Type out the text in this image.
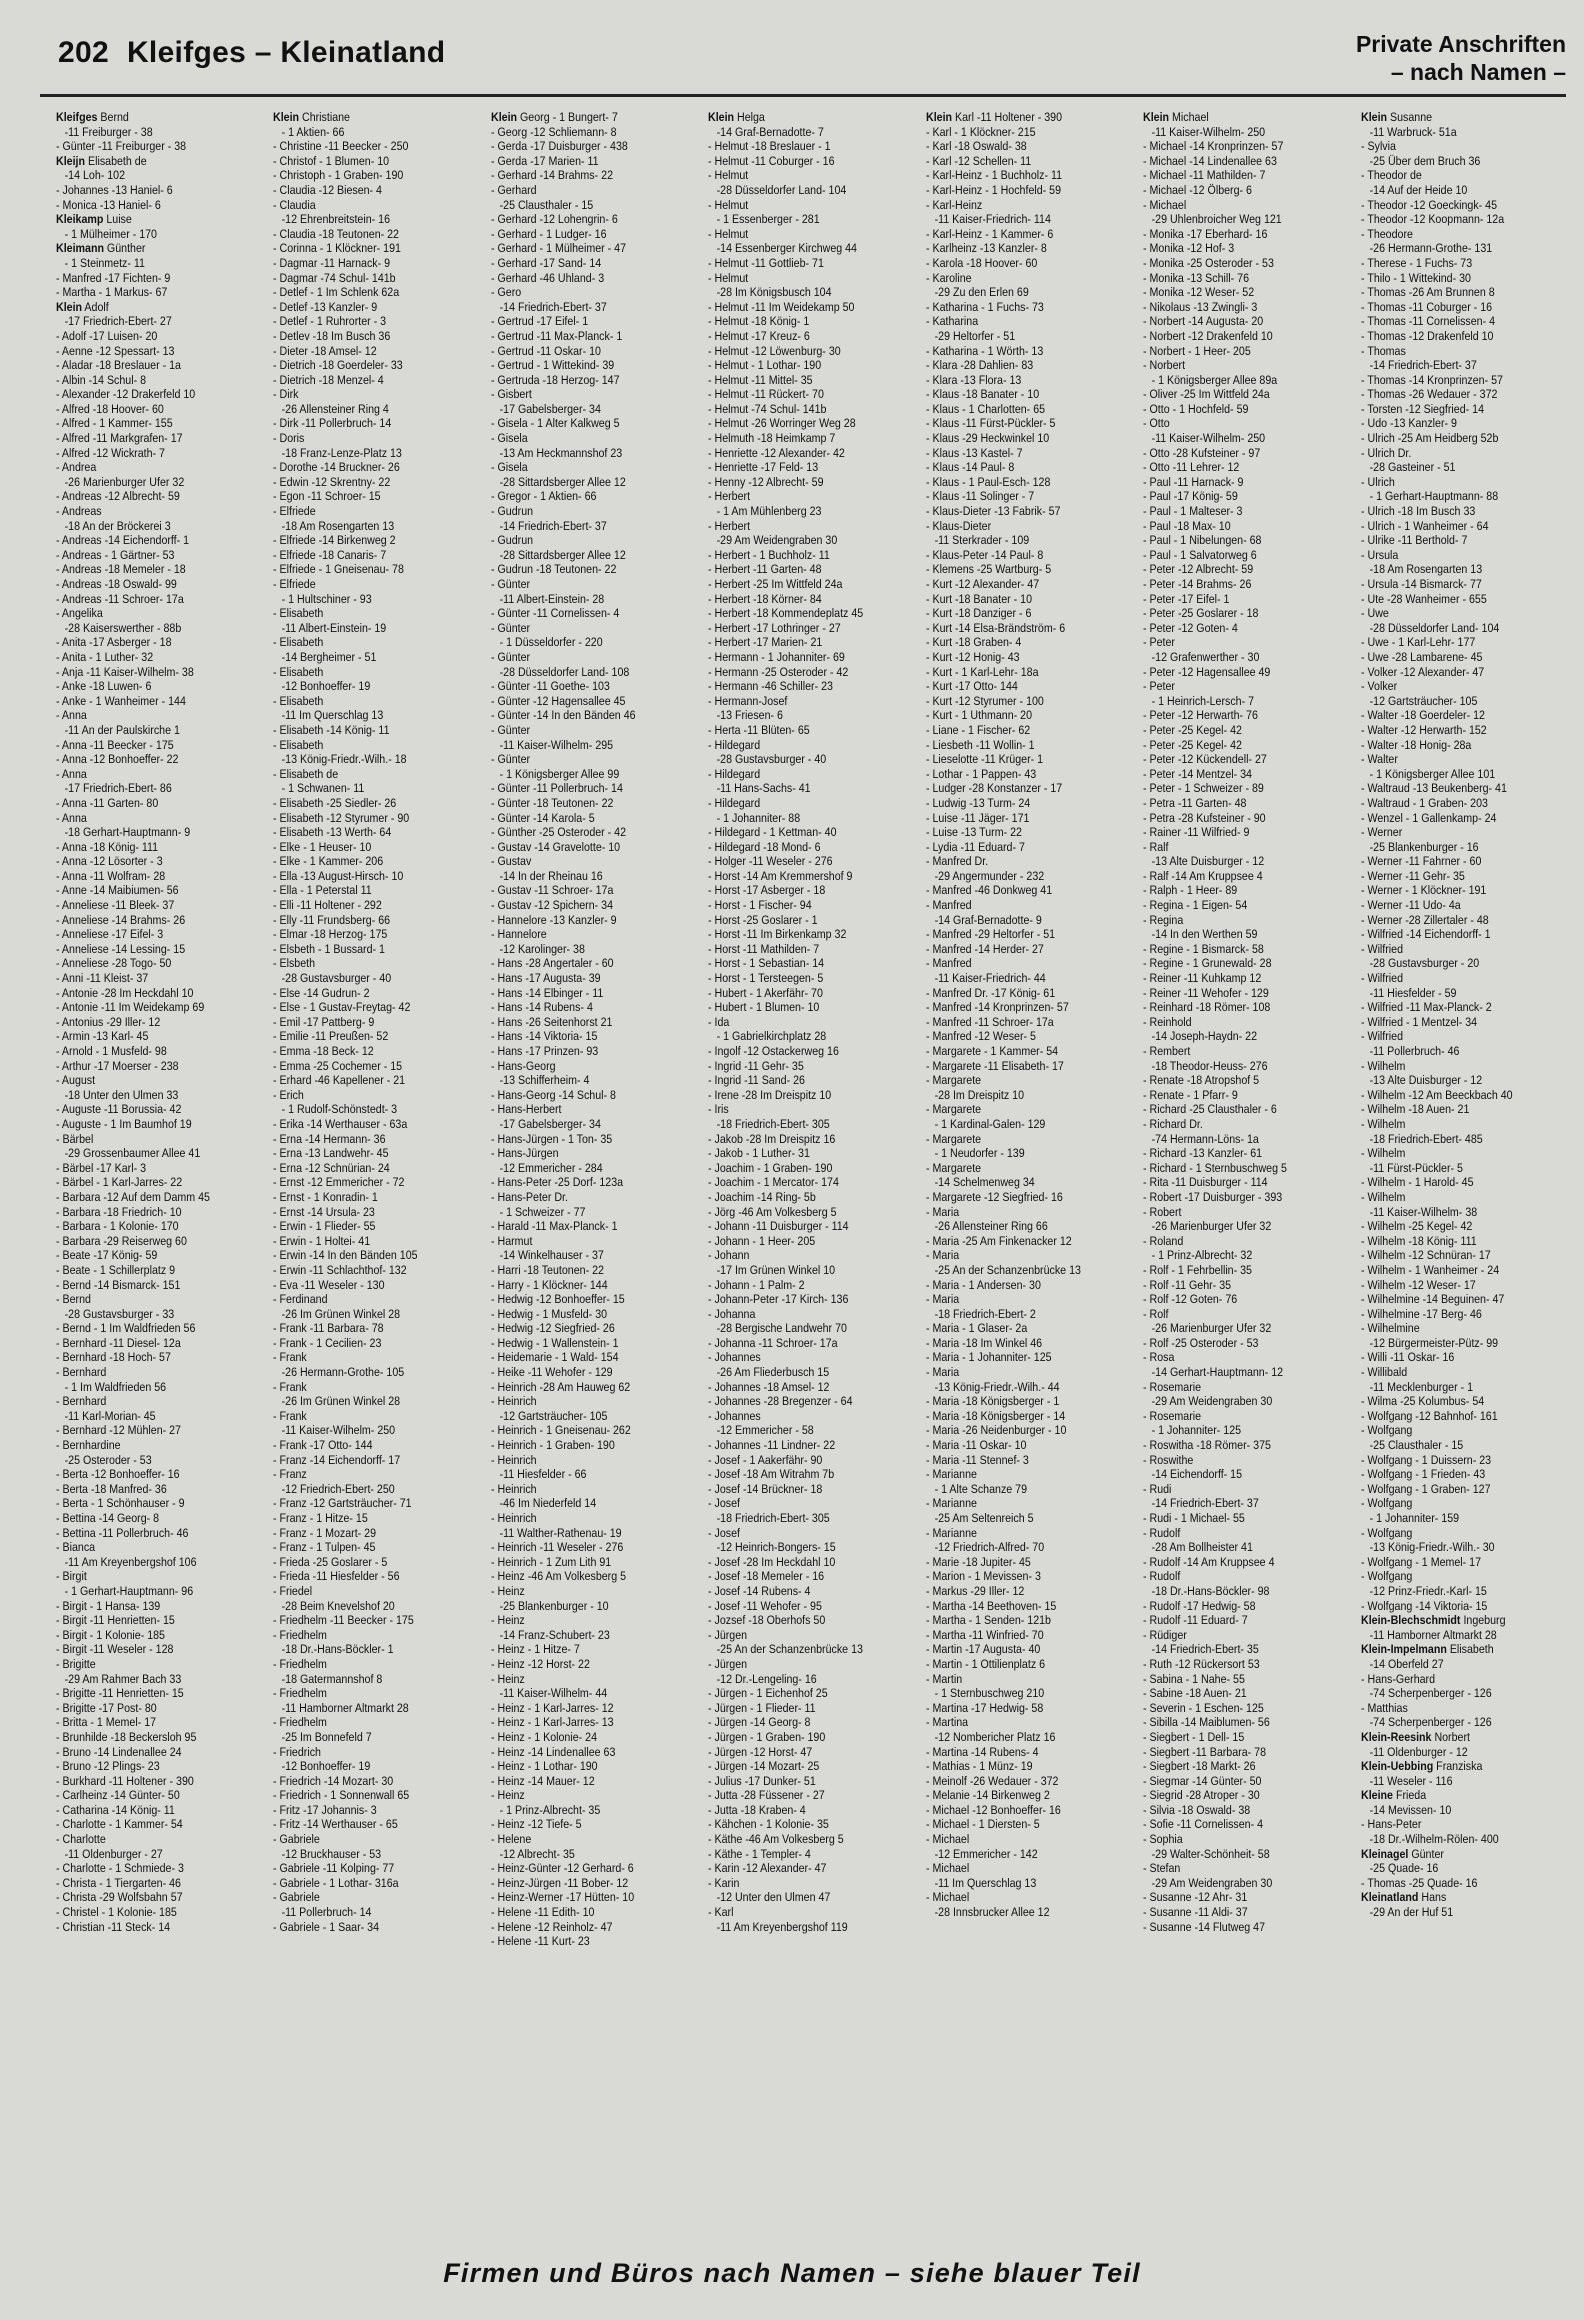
202 Kleifges – Kleinatland	Private Anschriften
– nach Namen –
Kleifges Bernd
-11 Freiburger - 38
- Günter -11 Freiburger - 38
Kleijn Elisabeth de
-14 Loh- 102
- Johannes -13 Haniel- 6
- Monica -13 Haniel- 6
Kleikamp Luise
- 1 Mülheimer - 170
Kleimann Günther
- 1 Steinmetz- 11
- Manfred -17 Fichten- 9
- Martha - 1 Markus- 67
Klein Adolf
-17 Friedrich-Ebert- 27
- Adolf -17 Luisen- 20
- Aenne -12 Spessart- 13
- Aladar -18 Breslauer - 1a
- Albin -14 Schul- 8
- Alexander -12 Drakerfeld 10
- Alfred -18 Hoover- 60
- Alfred - 1 Kammer- 155
- Alfred -11 Markgrafen- 17
- Alfred -12 Wickrath- 7
- Andrea
-26 Marienburger Ufer 32
- Andreas -12 Albrecht- 59
- Andreas
-18 An der Bröckerei 3
- Andreas -14 Eichendorff- 1
- Andreas - 1 Gärtner- 53
- Andreas -18 Memeler - 18
- Andreas -18 Oswald- 99
- Andreas -11 Schroer- 17a
- Angelika
-28 Kaiserswerther - 88b
- Anita -17 Asberger - 18
- Anita - 1 Luther- 32
- Anja -11 Kaiser-Wilhelm- 38
- Anke -18 Luwen- 6
- Anke - 1 Wanheimer - 144
- Anna
-11 An der Paulskirche 1
- Anna -11 Beecker - 175
- Anna -12 Bonhoeffer- 22
- Anna
-17 Friedrich-Ebert- 86
- Anna -11 Garten- 80
- Anna
-18 Gerhart-Hauptmann- 9
- Anna -18 König- 111
- Anna -12 Lösorter - 3
- Anna -11 Wolfram- 28
- Anne -14 Maibiumen- 56
- Anneliese -11 Bleek- 37
- Anneliese -14 Brahms- 26
- Anneliese -17 Eifel- 3
- Anneliese -14 Lessing- 15
- Anneliese -28 Togo- 50
- Anni -11 Kleist- 37
- Antonie -28 Im Heckdahl 10
- Antonie -11 Im Weidekamp 69
- Antonius -29 Iller- 12
- Armin -13 Karl- 45
- Arnold - 1 Musfeld- 98
- Arthur -17 Moerser - 238
- August
-18 Unter den Ulmen 33
- Auguste -11 Borussia- 42
- Auguste - 1 Im Baumhof 19
- Bärbel
-29 Grossenbaumer Allee 41
- Bärbel -17 Karl- 3
- Bärbel - 1 Karl-Jarres- 22
- Barbara -12 Auf dem Damm 45
- Barbara -18 Friedrich- 10
- Barbara - 1 Kolonie- 170
- Barbara -29 Reiserweg 60
- Beate -17 König- 59
- Beate - 1 Schillerplatz 9
- Bernd -14 Bismarck- 151
- Bernd
-28 Gustavsburger - 33
- Bernd - 1 Im Waldfrieden 56
- Bernhard -11 Diesel- 12a
- Bernhard -18 Hoch- 57
- Bernhard
- 1 Im Waldfrieden 56
- Bernhard
-11 Karl-Morian- 45
- Bernhard -12 Mühlen- 27
- Bernhardine
-25 Osteroder - 53
- Berta -12 Bonhoeffer- 16
- Berta -18 Manfred- 36
- Berta - 1 Schönhauser - 9
- Bettina -14 Georg- 8
- Bettina -11 Pollerbruch- 46
- Bianca
-11 Am Kreyenbergshof 106
- Birgit
- 1 Gerhart-Hauptmann- 96
- Birgit - 1 Hansa- 139
- Birgit -11 Henrietten- 15
- Birgit - 1 Kolonie- 185
- Birgit -11 Weseler - 128
- Brigitte
-29 Am Rahmer Bach 33
- Brigitte -11 Henrietten- 15
- Brigitte -17 Post- 80
- Britta - 1 Memel- 17
- Brunhilde -18 Beckersloh 95
- Bruno -14 Lindenallee 24
- Bruno -12 Plings- 23
- Burkhard -11 Holtener - 390
- Carlheinz -14 Günter- 50
- Catharina -14 König- 11
- Charlotte - 1 Kammer- 54
- Charlotte
-11 Oldenburger - 27
- Charlotte - 1 Schmiede- 3
- Christa - 1 Tiergarten- 46
- Christa -29 Wolfsbahn 57
- Christel - 1 Kolonie- 185
- Christian -11 Steck- 14
Klein Christiane
- 1 Aktien- 66
- Christine -11 Beecker - 250
- Christof - 1 Blumen- 10
- Christoph - 1 Graben- 190
- Claudia -12 Biesen- 4
- Claudia
-12 Ehrenbreitstein- 16
- Claudia -18 Teutonen- 22
- Corinna - 1 Klöckner- 191
- Dagmar -11 Harnack- 9
- Dagmar -74 Schul- 141b
- Detlef - 1 Im Schlenk 62a
- Detlef -13 Kanzler- 9
- Detlef - 1 Ruhrorter - 3
- Detlev -18 Im Busch 36
- Dieter -18 Amsel- 12
- Dietrich -18 Goerdeler- 33
- Dietrich -18 Menzel- 4
- Dirk
-26 Allensteiner Ring 4
- Dirk -11 Pollerbruch- 14
- Doris
-18 Franz-Lenze-Platz 13
- Dorothe -14 Bruckner- 26
- Edwin -12 Skrentny- 22
- Egon -11 Schroer- 15
- Elfriede
-18 Am Rosengarten 13
- Elfriede -14 Birkenweg 2
- Elfriede -18 Canaris- 7
- Elfriede - 1 Gneisenau- 78
- Elfriede
- 1 Hultschiner - 93
- Elisabeth
-11 Albert-Einstein- 19
- Elisabeth
-14 Bergheimer - 51
- Elisabeth
-12 Bonhoeffer- 19
- Elisabeth
-11 Im Querschlag 13
- Elisabeth -14 König- 11
- Elisabeth
-13 König-Friedr.-Wilh.- 18
- Elisabeth de
- 1 Schwanen- 11
- Elisabeth -25 Siedler- 26
- Elisabeth -12 Styrumer - 90
- Elisabeth -13 Werth- 64
- Elke - 1 Heuser- 10
- Elke - 1 Kammer- 206
- Ella -13 August-Hirsch- 10
- Ella - 1 Peterstal 11
- Elli -11 Holtener - 292
- Elly -11 Frundsberg- 66
- Elmar -18 Herzog- 175
- Elsbeth - 1 Bussard- 1
- Elsbeth
-28 Gustavsburger - 40
- Else -14 Gudrun- 2
- Else - 1 Gustav-Freytag- 42
- Emil -17 Pattberg- 9
- Emilie -11 Preußen- 52
- Emma -18 Beck- 12
- Emma -25 Cochemer - 15
- Erhard -46 Kapellener - 21
- Erich
- 1 Rudolf-Schönstedt- 3
- Erika -14 Werthauser - 63a
- Erna -14 Hermann- 36
- Erna -13 Landwehr- 45
- Erna -12 Schnürian- 24
- Ernst -12 Emmericher - 72
- Ernst - 1 Konradin- 1
- Ernst -14 Ursula- 23
- Erwin - 1 Flieder- 55
- Erwin - 1 Holtei- 41
- Erwin -14 In den Bänden 105
- Erwin -11 Schlachthof- 132
- Eva -11 Weseler - 130
- Ferdinand
-26 Im Grünen Winkel 28
- Frank -11 Barbara- 78
- Frank - 1 Cecilien- 23
- Frank
-26 Hermann-Grothe- 105
- Frank
-26 Im Grünen Winkel 28
- Frank
-11 Kaiser-Wilhelm- 250
- Frank -17 Otto- 144
- Franz -14 Eichendorff- 17
- Franz
-12 Friedrich-Ebert- 250
- Franz -12 Gartsträucher- 71
- Franz - 1 Hitze- 15
- Franz - 1 Mozart- 29
- Franz - 1 Tulpen- 45
- Frieda -25 Goslarer - 5
- Frieda -11 Hiesfelder - 56
- Friedel
-28 Beim Knevelshof 20
- Friedhelm -11 Beecker - 175
- Friedhelm
-18 Dr.-Hans-Böckler- 1
- Friedhelm
-18 Gatermannshof 8
- Friedhelm
-11 Hamborner Altmarkt 28
- Friedhelm
-25 Im Bonnefeld 7
- Friedrich
-12 Bonhoeffer- 19
- Friedrich -14 Mozart- 30
- Friedrich - 1 Sonnenwall 65
- Fritz -17 Johannis- 3
- Fritz -14 Werthauser - 65
- Gabriele
-12 Bruckhauser - 53
- Gabriele -11 Kolping- 77
- Gabriele - 1 Lothar- 316a
- Gabriele
-11 Pollerbruch- 14
- Gabriele - 1 Saar- 34
Klein Georg - 1 Bungert- 7
- Georg -12 Schliemann- 8
- Gerda -17 Duisburger - 438
- Gerda -17 Marien- 11
- Gerhard -14 Brahms- 22
- Gerhard
-25 Clausthaler - 15
- Gerhard -12 Lohengrin- 6
- Gerhard - 1 Ludger- 16
- Gerhard - 1 Mülheimer - 47
- Gerhard -17 Sand- 14
- Gerhard -46 Uhland- 3
- Gero
-14 Friedrich-Ebert- 37
- Gertrud -17 Eifel- 1
- Gertrud -11 Max-Planck- 1
- Gertrud -11 Oskar- 10
- Gertrud - 1 Wittekind- 39
- Gertruda -18 Herzog- 147
- Gisbert
-17 Gabelsberger- 34
- Gisela - 1 Alter Kalkweg 5
- Gisela
-13 Am Heckmannshof 23
- Gisela
-28 Sittardsberger Allee 12
- Gregor - 1 Aktien- 66
- Gudrun
-14 Friedrich-Ebert- 37
- Gudrun
-28 Sittardsberger Allee 12
- Gudrun -18 Teutonen- 22
- Günter
-11 Albert-Einstein- 28
- Günter -11 Cornelissen- 4
- Günter
- 1 Düsseldorfer - 220
- Günter
-28 Düsseldorfer Land- 108
- Günter -11 Goethe- 103
- Günter -12 Hagensallee 45
- Günter -14 In den Bänden 46
- Günter
-11 Kaiser-Wilhelm- 295
- Günter
- 1 Königsberger Allee 99
- Günter -11 Pollerbruch- 14
- Günter -18 Teutonen- 22
- Günter -14 Karola- 5
- Günther -25 Osteroder - 42
- Gustav -14 Gravelotte- 10
- Gustav
-14 In der Rheinau 16
- Gustav -11 Schroer- 17a
- Gustav -12 Spichern- 34
- Hannelore -13 Kanzler- 9
- Hannelore
-12 Karolinger- 38
- Hans -28 Angertaler - 60
- Hans -17 Augusta- 39
- Hans -14 Elbinger - 11
- Hans -14 Rubens- 4
- Hans -26 Seitenhorst 21
- Hans -14 Viktoria- 15
- Hans -17 Prinzen- 93
- Hans-Georg
-13 Schifferheim- 4
- Hans-Georg -14 Schul- 8
- Hans-Herbert
-17 Gabelsberger- 34
- Hans-Jürgen - 1 Ton- 35
- Hans-Jürgen
-12 Emmericher - 284
- Hans-Peter -25 Dorf- 123a
- Hans-Peter Dr.
- 1 Schweizer - 77
- Harald -11 Max-Planck- 1
- Harmut
-14 Winkelhauser - 37
- Harri -18 Teutonen- 22
- Harry - 1 Klöckner- 144
- Hedwig -12 Bonhoeffer- 15
- Hedwig - 1 Musfeld- 30
- Hedwig -12 Siegfried- 26
- Hedwig - 1 Wallenstein- 1
- Heidemarie - 1 Wald- 154
- Heike -11 Wehofer - 129
- Heinrich -28 Am Hauweg 62
- Heinrich
-12 Gartsträucher- 105
- Heinrich - 1 Gneisenau- 262
- Heinrich - 1 Graben- 190
- Heinrich
-11 Hiesfelder - 66
- Heinrich
-46 Im Niederfeld 14
- Heinrich
-11 Walther-Rathenau- 19
- Heinrich -11 Weseler - 276
- Heinrich - 1 Zum Lith 91
- Heinz -46 Am Volkesberg 5
- Heinz
-25 Blankenburger - 10
- Heinz
-14 Franz-Schubert- 23
- Heinz - 1 Hitze- 7
- Heinz -12 Horst- 22
- Heinz
-11 Kaiser-Wilhelm- 44
- Heinz - 1 Karl-Jarres- 12
- Heinz - 1 Karl-Jarres- 13
- Heinz - 1 Kolonie- 24
- Heinz -14 Lindenallee 63
- Heinz - 1 Lothar- 190
- Heinz -14 Mauer- 12
- Heinz
- 1 Prinz-Albrecht- 35
- Heinz -12 Tiefe- 5
- Helene
-12 Albrecht- 35
- Heinz-Günter -12 Gerhard- 6
- Heinz-Jürgen -11 Bober- 12
- Heinz-Werner -17 Hütten- 10
- Helene -11 Edith- 10
- Helene -12 Reinholz- 47
- Helene -11 Kurt- 23
Klein Helga
-14 Graf-Bernadotte- 7
- Helmut -18 Breslauer - 1
- Helmut -11 Coburger - 16
- Helmut
-28 Düsseldorfer Land- 104
- Helmut
- 1 Essenberger - 281
- Helmut
-14 Essenberger Kirchweg 44
- Helmut -11 Gottlieb- 71
- Helmut
-28 Im Königsbusch 104
- Helmut -11 Im Weidekamp 50
- Helmut -18 König- 1
- Helmut -17 Kreuz- 6
- Helmut -12 Löwenburg- 30
- Helmut - 1 Lothar- 190
- Helmut -11 Mittel- 35
- Helmut -11 Rückert- 70
- Helmut -74 Schul- 141b
- Helmut -26 Worringer Weg 28
- Helmuth -18 Heimkamp 7
- Henriette -12 Alexander- 42
- Henriette -17 Feld- 13
- Henny -12 Albrecht- 59
- Herbert
- 1 Am Mühlenberg 23
- Herbert
-29 Am Weidengraben 30
- Herbert - 1 Buchholz- 11
- Herbert -11 Garten- 48
- Herbert -25 Im Wittfeld 24a
- Herbert -18 Körner- 84
- Herbert -18 Kommendeplatz 45
- Herbert -17 Lothringer - 27
- Herbert -17 Marien- 21
- Hermann - 1 Johanniter- 69
- Hermann -25 Osteroder - 42
- Hermann -46 Schiller- 23
- Hermann-Josef
-13 Friesen- 6
- Herta -11 Blüten- 65
- Hildegard
-28 Gustavsburger - 40
- Hildegard
-11 Hans-Sachs- 41
- Hildegard
- 1 Johanniter- 88
- Hildegard - 1 Kettman- 40
- Hildegard -18 Mond- 6
- Holger -11 Weseler - 276
- Horst -14 Am Kremmershof 9
- Horst -17 Asberger - 18
- Horst - 1 Fischer- 94
- Horst -25 Goslarer - 1
- Horst -11 Im Birkenkamp 32
- Horst -11 Mathilden- 7
- Horst - 1 Sebastian- 14
- Horst - 1 Tersteegen- 5
- Hubert - 1 Akerfähr- 70
- Hubert - 1 Blumen- 10
- Ida
- 1 Gabrielkirchplatz 28
- Ingolf -12 Ostackerweg 16
- Ingrid -11 Gehr- 35
- Ingrid -11 Sand- 26
- Irene -28 Im Dreispitz 10
- Iris
-18 Friedrich-Ebert- 305
- Jakob -28 Im Dreispitz 16
- Jakob - 1 Luther- 31
- Joachim - 1 Graben- 190
- Joachim - 1 Mercator- 174
- Joachim -14 Ring- 5b
- Jörg -46 Am Volkesberg 5
- Johann -11 Duisburger - 114
- Johann - 1 Heer- 205
- Johann
-17 Im Grünen Winkel 10
- Johann - 1 Palm- 2
- Johann-Peter -17 Kirch- 136
- Johanna
-28 Bergische Landwehr 70
- Johanna -11 Schroer- 17a
- Johannes
-26 Am Fliederbusch 15
- Johannes -18 Amsel- 12
- Johannes -28 Bregenzer - 64
- Johannes
-12 Emmericher - 58
- Johannes -11 Lindner- 22
- Josef - 1 Aakerfähr- 90
- Josef -18 Am Witrahm 7b
- Josef -14 Brückner- 18
- Josef
-18 Friedrich-Ebert- 305
- Josef
-12 Heinrich-Bongers- 15
- Josef -28 Im Heckdahl 10
- Josef -18 Memeler - 16
- Josef -14 Rubens- 4
- Josef -11 Wehofer - 95
- Jozsef -18 Oberhofs 50
- Jürgen
-25 An der Schanzenbrücke 13
- Jürgen
-12 Dr.-Lengeling- 16
- Jürgen - 1 Eichenhof 25
- Jürgen - 1 Flieder- 11
- Jürgen -14 Georg- 8
- Jürgen - 1 Graben- 190
- Jürgen -12 Horst- 47
- Jürgen -14 Mozart- 25
- Julius -17 Dunker- 51
- Jutta -28 Füssener - 27
- Jutta -18 Kraben- 4
- Kähchen - 1 Kolonie- 35
- Käthe -46 Am Volkesberg 5
- Käthe - 1 Templer- 4
- Karin -12 Alexander- 47
- Karin
-12 Unter den Ulmen 47
- Karl
-11 Am Kreyenbergshof 119
Klein Karl -11 Holtener - 390
- Karl - 1 Klöckner- 215
- Karl -18 Oswald- 38
- Karl -12 Schellen- 11
- Karl-Heinz - 1 Buchholz- 11
- Karl-Heinz - 1 Hochfeld- 59
- Karl-Heinz
-11 Kaiser-Friedrich- 114
- Karl-Heinz - 1 Kammer- 6
- Karlheinz -13 Kanzler- 8
- Karola -18 Hoover- 60
- Karoline
-29 Zu den Erlen 69
- Katharina - 1 Fuchs- 73
- Katharina
-29 Heltorfer - 51
- Katharina - 1 Wörth- 13
- Klara -28 Dahlien- 83
- Klara -13 Flora- 13
- Klaus -18 Banater - 10
- Klaus - 1 Charlotten- 65
- Klaus -11 Fürst-Pückler- 5
- Klaus -29 Heckwinkel 10
- Klaus -13 Kastel- 7
- Klaus -14 Paul- 8
- Klaus - 1 Paul-Esch- 128
- Klaus -11 Solinger - 7
- Klaus-Dieter -13 Fabrik- 57
- Klaus-Dieter
-11 Sterkrader - 109
- Klaus-Peter -14 Paul- 8
- Klemens -25 Wartburg- 5
- Kurt -12 Alexander- 47
- Kurt -18 Banater - 10
- Kurt -18 Danziger - 6
- Kurt -14 Elsa-Brändström- 6
- Kurt -18 Graben- 4
- Kurt -12 Honig- 43
- Kurt - 1 Karl-Lehr- 18a
- Kurt -17 Otto- 144
- Kurt -12 Styrumer - 100
- Kurt - 1 Uthmann- 20
- Liane - 1 Fischer- 62
- Liesbeth -11 Wollin- 1
- Lieselotte -11 Krüger- 1
- Lothar - 1 Pappen- 43
- Ludger -28 Konstanzer - 17
- Ludwig -13 Turm- 24
- Luise -11 Jäger- 171
- Luise -13 Turm- 22
- Lydia -11 Eduard- 7
- Manfred Dr.
-29 Angermunder - 232
- Manfred -46 Donkweg 41
- Manfred
-14 Graf-Bernadotte- 9
- Manfred -29 Heltorfer - 51
- Manfred -14 Herder- 27
- Manfred
-11 Kaiser-Friedrich- 44
- Manfred Dr. -17 König- 61
- Manfred -14 Kronprinzen- 57
- Manfred -11 Schroer- 17a
- Manfred -12 Weser- 5
- Margarete - 1 Kammer- 54
- Margarete -11 Elisabeth- 17
- Margarete
-28 Im Dreispitz 10
- Margarete
- 1 Kardinal-Galen- 129
- Margarete
- 1 Neudorfer - 139
- Margarete
-14 Schelmenweg 34
- Margarete -12 Siegfried- 16
- Maria
-26 Allensteiner Ring 66
- Maria -25 Am Finkenacker 12
- Maria
-25 An der Schanzenbrücke 13
- Maria - 1 Andersen- 30
- Maria
-18 Friedrich-Ebert- 2
- Maria - 1 Glaser- 2a
- Maria -18 Im Winkel 46
- Maria - 1 Johanniter- 125
- Maria
-13 König-Friedr.-Wilh.- 44
- Maria -18 Königsberger - 1
- Maria -18 Königsberger - 14
- Maria -26 Neidenburger - 10
- Maria -11 Oskar- 10
- Maria -11 Stennef- 3
- Marianne
- 1 Alte Schanze 79
- Marianne
-25 Am Seltenreich 5
- Marianne
-12 Friedrich-Alfred- 70
- Marie -18 Jupiter- 45
- Marion - 1 Mevissen- 3
- Markus -29 Iller- 12
- Martha -14 Beethoven- 15
- Martha - 1 Senden- 121b
- Martha -11 Winfried- 70
- Martin -17 Augusta- 40
- Martin - 1 Ottilienplatz 6
- Martin
- 1 Sternbuschweg 210
- Martina -17 Hedwig- 58
- Martina
-12 Nombericher Platz 16
- Martina -14 Rubens- 4
- Mathias - 1 Münz- 19
- Meinolf -26 Wedauer - 372
- Melanie -14 Birkenweg 2
- Michael -12 Bonhoeffer- 16
- Michael - 1 Diersten- 5
- Michael
-12 Emmericher - 142
- Michael
-11 Im Querschlag 13
- Michael
-28 Innsbrucker Allee 12
Klein Michael
-11 Kaiser-Wilhelm- 250
- Michael -14 Kronprinzen- 57
- Michael -14 Lindenallee 63
- Michael -11 Mathilden- 7
- Michael -12 Ölberg- 6
- Michael
-29 Uhlenbroicher Weg 121
- Monika -17 Eberhard- 16
- Monika -12 Hof- 3
- Monika -25 Osteroder - 53
- Monika -13 Schill- 76
- Monika -12 Weser- 52
- Nikolaus -13 Zwingli- 3
- Norbert -14 Augusta- 20
- Norbert -12 Drakenfeld 10
- Norbert - 1 Heer- 205
- Norbert
- 1 Königsberger Allee 89a
- Oliver -25 Im Wittfeld 24a
- Otto - 1 Hochfeld- 59
- Otto
-11 Kaiser-Wilhelm- 250
- Otto -28 Kufsteiner - 97
- Otto -11 Lehrer- 12
- Paul -11 Harnack- 9
- Paul -17 König- 59
- Paul - 1 Malteser- 3
- Paul -18 Max- 10
- Paul - 1 Nibelungen- 68
- Paul - 1 Salvatorweg 6
- Peter -12 Albrecht- 59
- Peter -14 Brahms- 26
- Peter -17 Eifel- 1
- Peter -25 Goslarer - 18
- Peter -12 Goten- 4
- Peter
-12 Grafenwerther - 30
- Peter -12 Hagensallee 49
- Peter
- 1 Heinrich-Lersch- 7
- Peter -12 Herwarth- 76
- Peter -25 Kegel- 42
- Peter -25 Kegel- 42
- Peter -12 Kückendell- 27
- Peter -14 Mentzel- 34
- Peter - 1 Schweizer - 89
- Petra -11 Garten- 48
- Petra -28 Kufsteiner - 90
- Rainer -11 Wilfried- 9
- Ralf
-13 Alte Duisburger - 12
- Ralf -14 Am Kruppsee 4
- Ralph - 1 Heer- 89
- Regina - 1 Eigen- 54
- Regina
-14 In den Werthen 59
- Regine - 1 Bismarck- 58
- Regine - 1 Grunewald- 28
- Reiner -11 Kuhkamp 12
- Reiner -11 Wehofer - 129
- Reinhard -18 Römer- 108
- Reinhold
-14 Joseph-Haydn- 22
- Rembert
-18 Theodor-Heuss- 276
- Renate -18 Atropshof 5
- Renate - 1 Pfarr- 9
- Richard -25 Clausthaler - 6
- Richard Dr.
-74 Hermann-Löns- 1a
- Richard -13 Kanzler- 61
- Richard - 1 Sternbuschweg 5
- Rita -11 Duisburger - 114
- Robert -17 Duisburger - 393
- Robert
-26 Marienburger Ufer 32
- Roland
- 1 Prinz-Albrecht- 32
- Rolf - 1 Fehrbellin- 35
- Rolf -11 Gehr- 35
- Rolf -12 Goten- 76
- Rolf
-26 Marienburger Ufer 32
- Rolf -25 Osteroder - 53
- Rosa
-14 Gerhart-Hauptmann- 12
- Rosemarie
-29 Am Weidengraben 30
- Rosemarie
- 1 Johanniter- 125
- Roswitha -18 Römer- 375
- Roswithe
-14 Eichendorff- 15
- Rudi
-14 Friedrich-Ebert- 37
- Rudi - 1 Michael- 55
- Rudolf
-28 Am Bollheister 41
- Rudolf -14 Am Kruppsee 4
- Rudolf
-18 Dr.-Hans-Böckler- 98
- Rudolf -17 Hedwig- 58
- Rudolf -11 Eduard- 7
- Rüdiger
-14 Friedrich-Ebert- 35
- Ruth -12 Rückersort 53
- Sabina - 1 Nahe- 55
- Sabine -18 Auen- 21
- Severin - 1 Eschen- 125
- Sibilla -14 Maiblumen- 56
- Siegbert - 1 Dell- 15
- Siegbert -11 Barbara- 78
- Siegbert -18 Markt- 26
- Siegmar -14 Günter- 50
- Siegrid -28 Atroper - 30
- Silvia -18 Oswald- 38
- Sofie -11 Cornelissen- 4
- Sophia
-29 Walter-Schönheit- 58
- Stefan
-29 Am Weidengraben 30
- Susanne -12 Ahr- 31
- Susanne -11 Aldi- 37
- Susanne -14 Flutweg 47
Klein Susanne
-11 Warbruck- 51a
- Sylvia
-25 Über dem Bruch 36
- Theodor de
-14 Auf der Heide 10
- Theodor -12 Goeckingk- 45
- Theodor -12 Koopmann- 12a
- Theodore
-26 Hermann-Grothe- 131
- Therese - 1 Fuchs- 73
- Thilo - 1 Wittekind- 30
- Thomas -26 Am Brunnen 8
- Thomas -11 Coburger - 16
- Thomas -11 Cornelissen- 4
- Thomas -12 Drakenfeld 10
- Thomas
-14 Friedrich-Ebert- 37
- Thomas -14 Kronprinzen- 57
- Thomas -26 Wedauer - 372
- Torsten -12 Siegfried- 14
- Udo -13 Kanzler- 9
- Ulrich -25 Am Heidberg 52b
- Ulrich Dr.
-28 Gasteiner - 51
- Ulrich
- 1 Gerhart-Hauptmann- 88
- Ulrich -18 Im Busch 33
- Ulrich - 1 Wanheimer - 64
- Ulrike -11 Berthold- 7
- Ursula
-18 Am Rosengarten 13
- Ursula -14 Bismarck- 77
- Ute -28 Wanheimer - 655
- Uwe
-28 Düsseldorfer Land- 104
- Uwe - 1 Karl-Lehr- 177
- Uwe -28 Lambarene- 45
- Volker -12 Alexander- 47
- Volker
-12 Gartsträucher- 105
- Walter -18 Goerdeler- 12
- Walter -12 Herwarth- 152
- Walter -18 Honig- 28a
- Walter
- 1 Königsberger Allee 101
- Waltraud -13 Beukenberg- 41
- Waltraud - 1 Graben- 203
- Wenzel - 1 Gallenkamp- 24
- Werner
-25 Blankenburger - 16
- Werner -11 Fahrner - 60
- Werner -11 Gehr- 35
- Werner - 1 Klöckner- 191
- Werner -11 Udo- 4a
- Werner -28 Zillertaler - 48
- Wilfried -14 Eichendorff- 1
- Wilfried
-28 Gustavsburger - 20
- Wilfried
-11 Hiesfelder - 59
- Wilfried -11 Max-Planck- 2
- Wilfried - 1 Mentzel- 34
- Wilfried
-11 Pollerbruch- 46
- Wilhelm
-13 Alte Duisburger - 12
- Wilhelm -12 Am Beeckbach 40
- Wilhelm -18 Auen- 21
- Wilhelm
-18 Friedrich-Ebert- 485
- Wilhelm
-11 Fürst-Pückler- 5
- Wilhelm - 1 Harold- 45
- Wilhelm
-11 Kaiser-Wilhelm- 38
- Wilhelm -25 Kegel- 42
- Wilhelm -18 König- 111
- Wilhelm -12 Schnüran- 17
- Wilhelm - 1 Wanheimer - 24
- Wilhelm -12 Weser- 17
- Wilhelmine -14 Beguinen- 47
- Wilhelmine -17 Berg- 46
- Wilhelmine
-12 Bürgermeister-Pütz- 99
- Willi -11 Oskar- 16
- Willibald
-11 Mecklenburger - 1
- Wilma -25 Kolumbus- 54
- Wolfgang -12 Bahnhof- 161
- Wolfgang
-25 Clausthaler - 15
- Wolfgang - 1 Duissern- 23
- Wolfgang - 1 Frieden- 43
- Wolfgang - 1 Graben- 127
- Wolfgang
- 1 Johanniter- 159
- Wolfgang
-13 König-Friedr.-Wilh.- 30
- Wolfgang - 1 Memel- 17
- Wolfgang
-12 Prinz-Friedr.-Karl- 15
- Wolfgang -14 Viktoria- 15
Klein-Blechschmidt Ingeburg
-11 Hamborner Altmarkt 28
Klein-Impelmann Elisabeth
-14 Oberfeld 27
- Hans-Gerhard
-74 Scherpenberger - 126
- Matthias
-74 Scherpenberger - 126
Klein-Reesink Norbert
-11 Oldenburger - 12
Klein-Uebbing Franziska
-11 Weseler - 116
Kleine Frieda
-14 Mevissen- 10
- Hans-Peter
-18 Dr.-Wilhelm-Rölen- 400
Kleinagel Günter
-25 Quade- 16
- Thomas -25 Quade- 16
Kleinatland Hans
-29 An der Huf 51
Firmen und Büros nach Namen – siehe blauer Teil
